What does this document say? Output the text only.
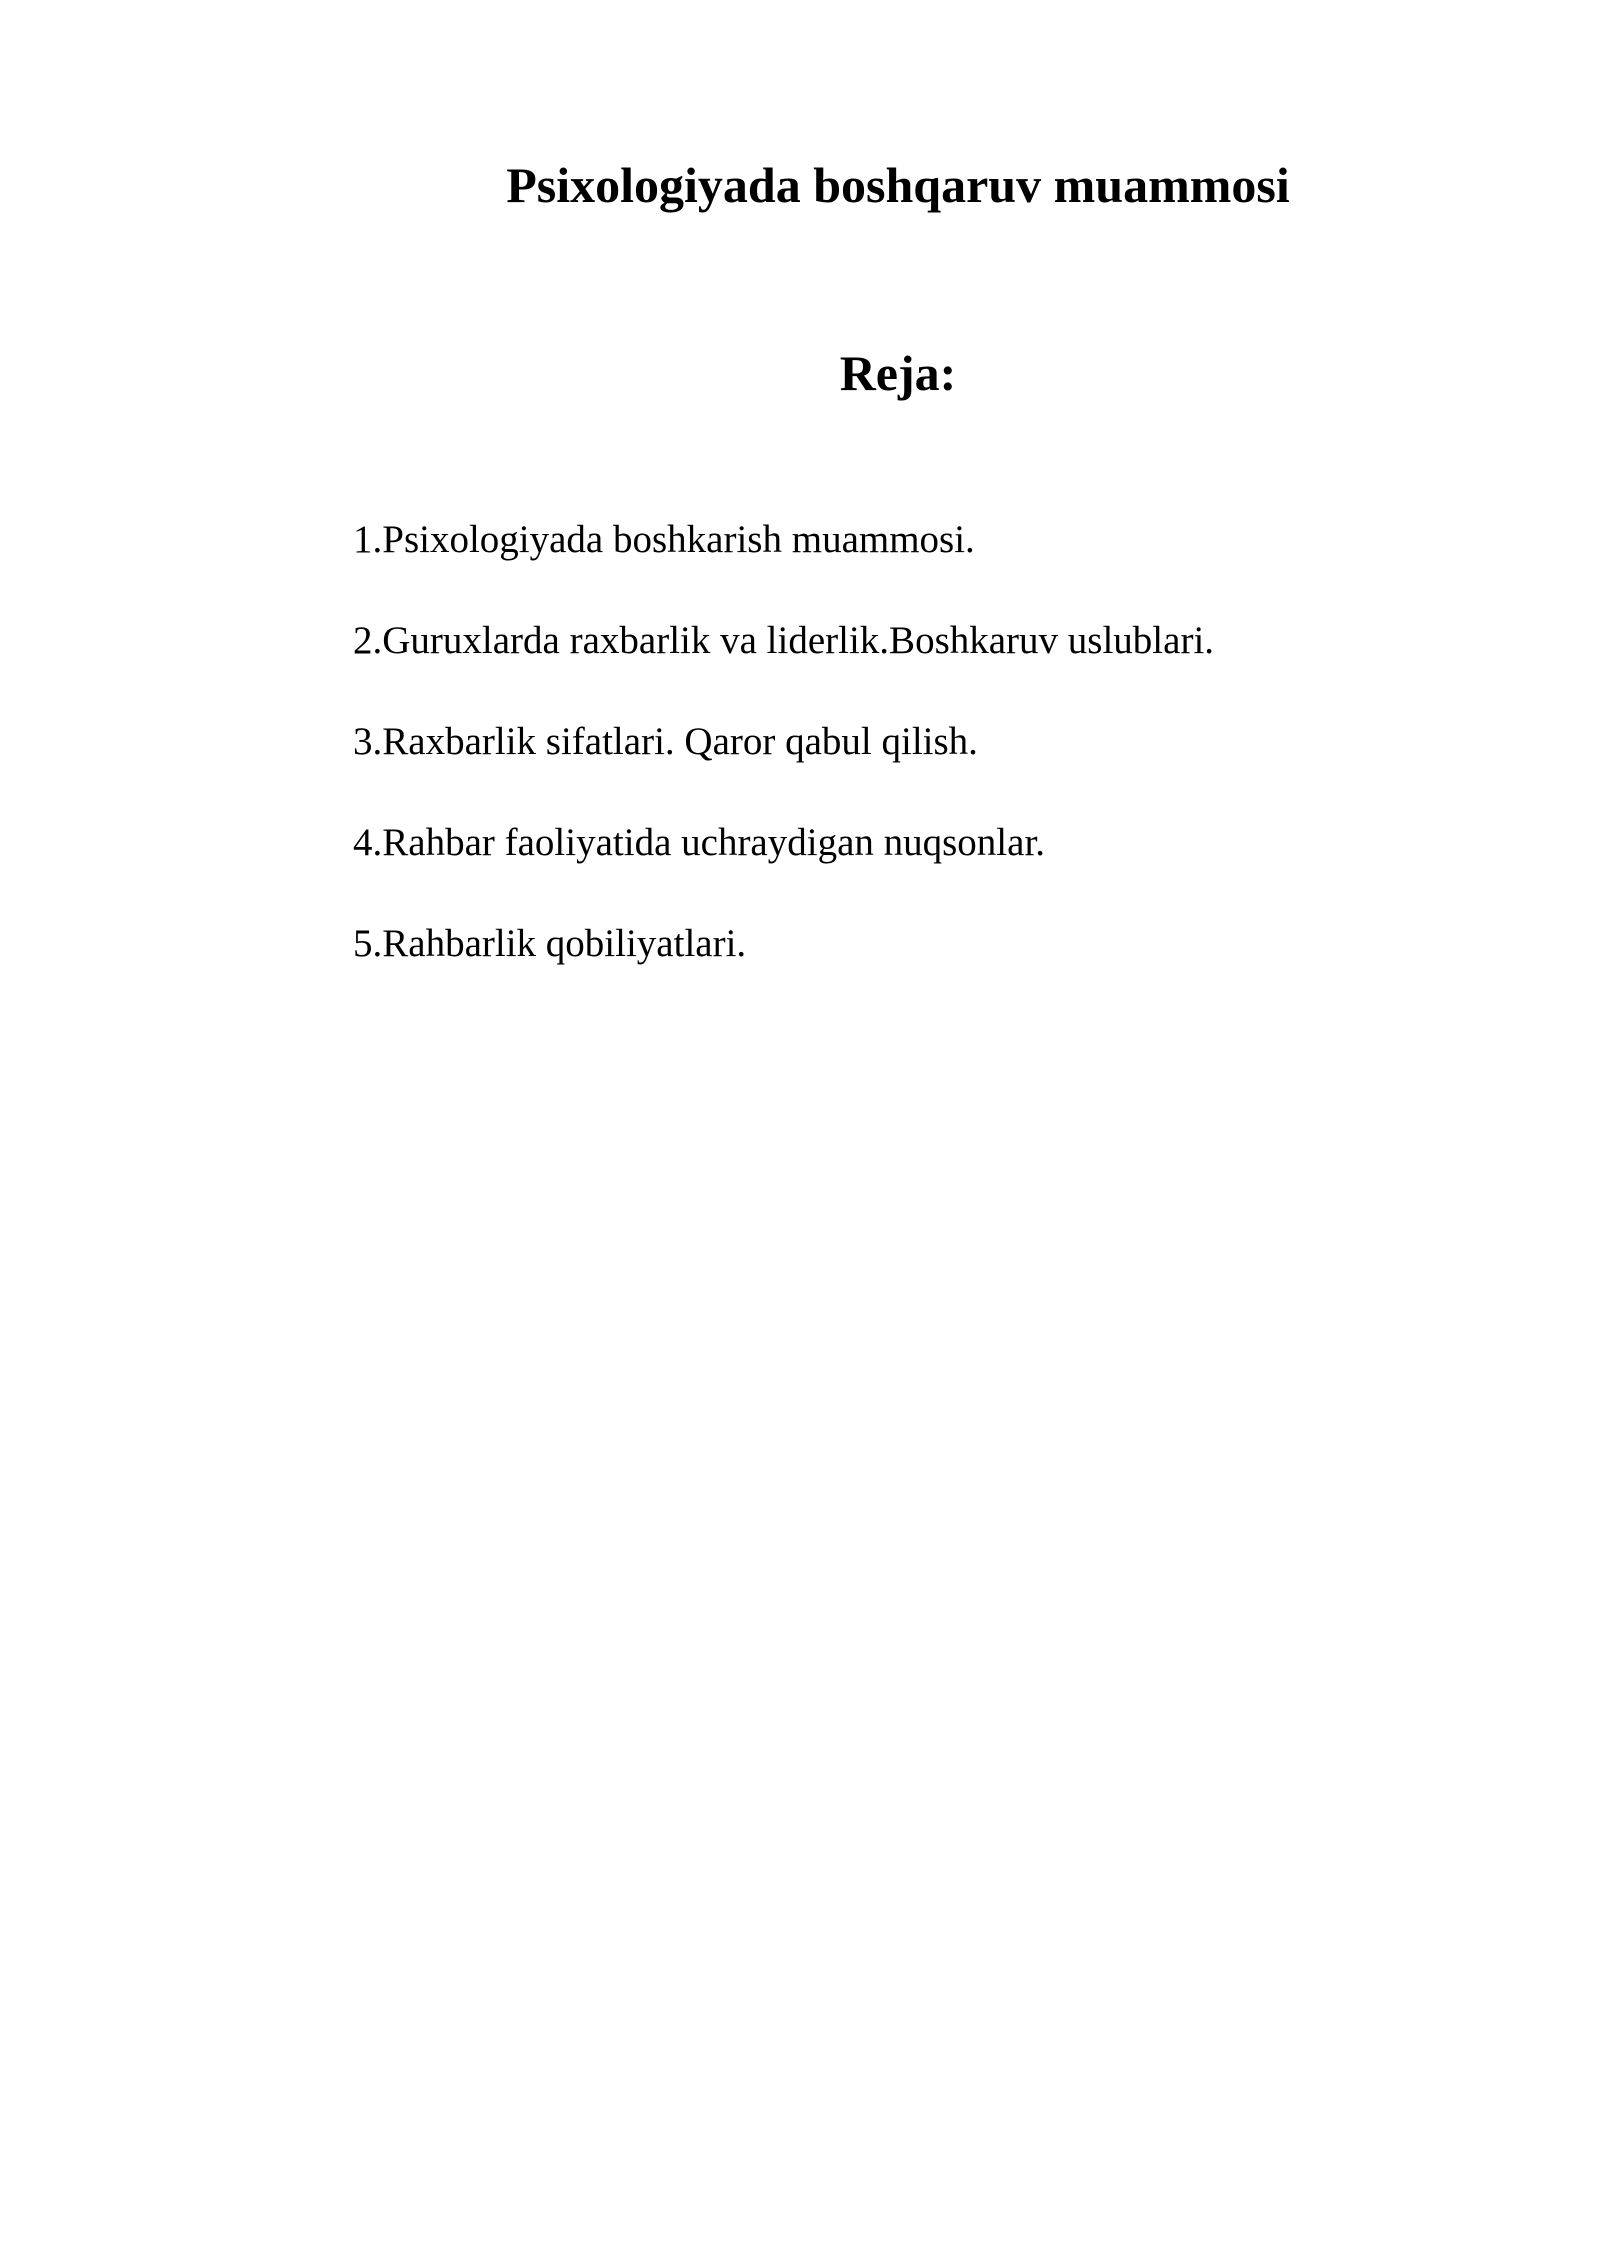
Psixologiyada boshqaruv muammosi
Reja:
1.Psixologiyada boshkarish muammosi.
2.Guruxlarda raxbarlik va liderlik.Boshkaruv uslublari.
3.Raxbarlik sifatlari. Qaror qabul qilish.
4.Rahbar faoliyatida uchraydigan nuqsonlar.
5.Rahbarlik qobiliyatlari.
